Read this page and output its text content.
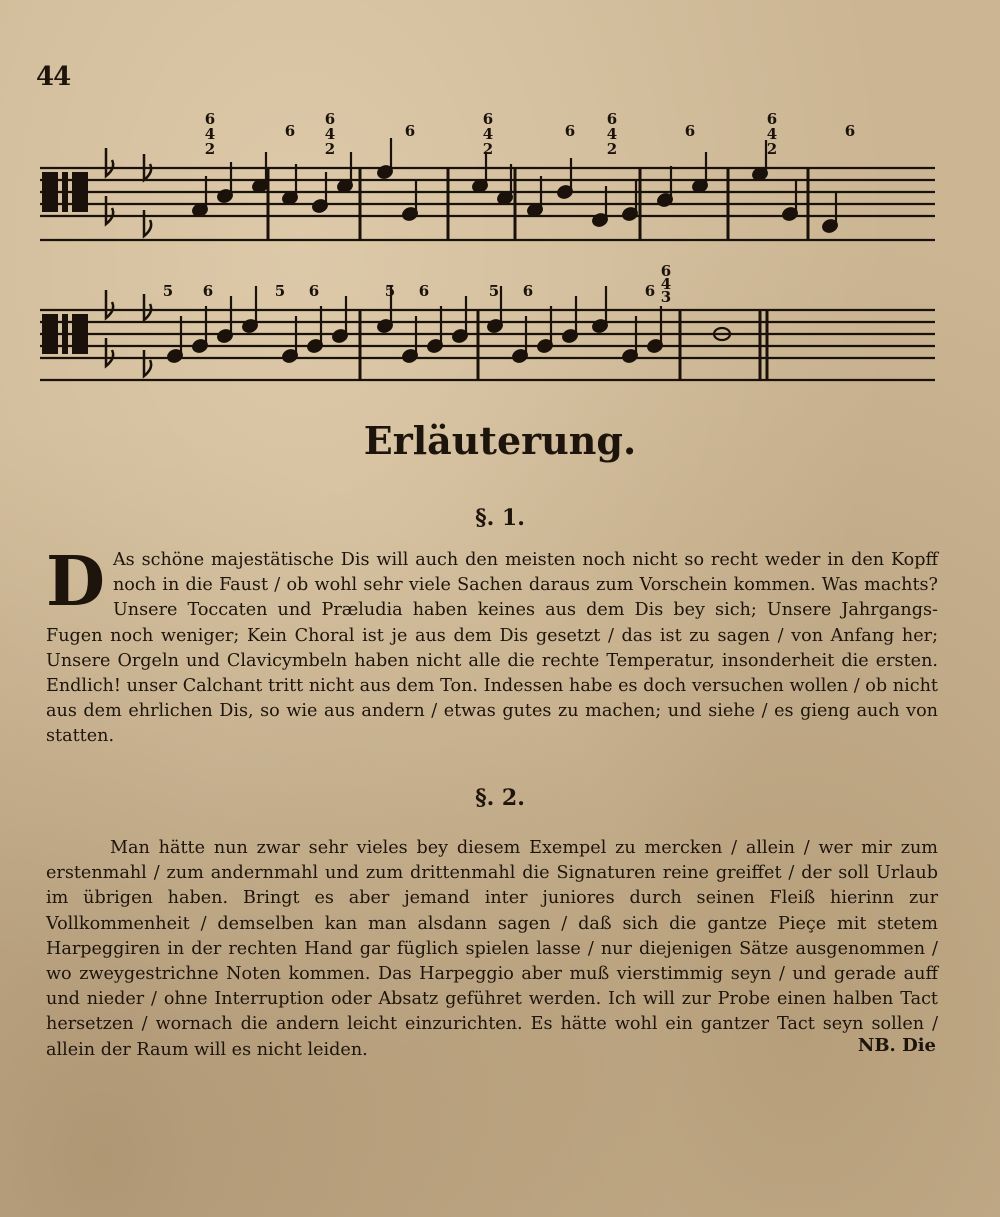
44
6
4
2
6
6
4
2
6
6
4
2
6
6
4
2
6
6
4
2
6
5 6	5 6	5 6	5 6	6
6
4
3
Erläuterung.
§. 1.

D As schöne majestätische Dis will auch den meisten noch nicht so recht weder in den Kopff noch in die Faust / ob wohl sehr viele Sachen daraus zum Vorschein kommen. Was machts? Unsere Toccaten und Præludia haben keines aus dem Dis bey sich; Unsere Jahrgangs-Fugen noch weniger; Kein Choral ist je aus dem Dis gesetzt / das ist zu sagen / von Anfang her; Unsere Orgeln und Clavicymbeln haben nicht alle die rechte Temperatur, insonderheit die ersten. Endlich! unser Calchant tritt nicht aus dem Ton. Indessen habe es doch versuchen wollen / ob nicht aus dem ehrlichen Dis, so wie aus andern / etwas gutes zu machen; und siehe / es gieng auch von statten.

§. 2.

Man hätte nun zwar sehr vieles bey diesem Exempel zu mercken / allein / wer mir zum erstenmahl / zum andernmahl und zum drittenmahl die Signaturen reine greiffet / der soll Urlaub im übrigen haben. Bringt es aber jemand inter juniores durch seinen Fleiß hierinn zur Vollkommenheit / demselben kan man alsdann sagen / daß sich die gantze Pieçe mit stetem Harpeggiren in der rechten Hand gar füglich spielen lasse / nur diejenigen Sätze ausgenommen / wo zweygestrichne Noten kommen. Das Harpeggio aber muß vierstimmig seyn / und gerade auff und nieder / ohne Interruption oder Absatz geführet werden. Ich will zur Probe einen halben Tact hersetzen / wornach die andern leicht einzurichten. Es hätte wohl ein gantzer Tact seyn sollen / allein der Raum will es nicht leiden.	NB. Die
